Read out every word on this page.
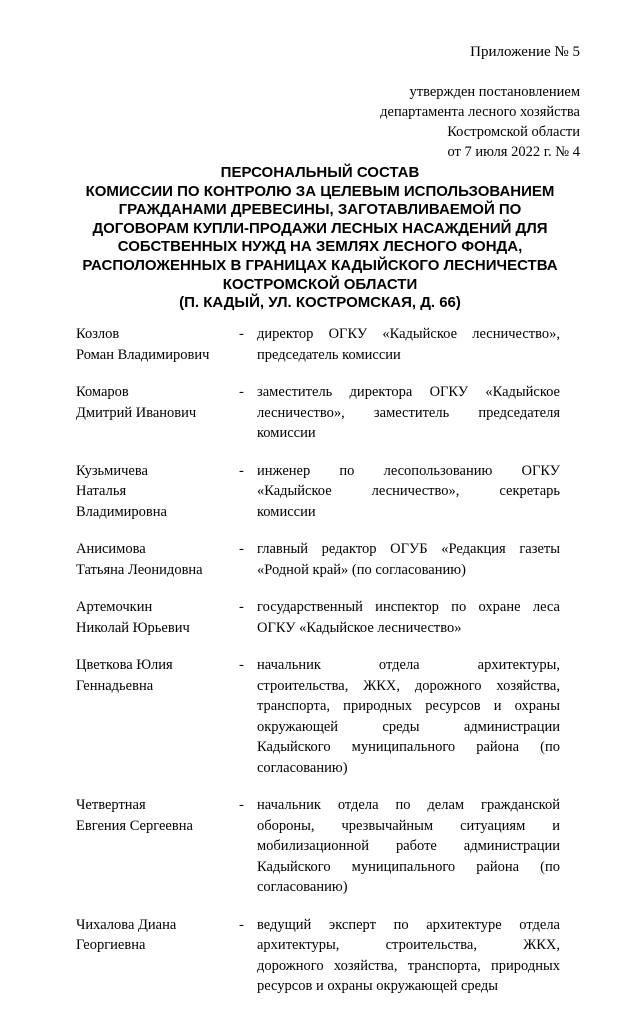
Приложение № 5
утвержден постановлением
департамента лесного хозяйства
Костромской области
от 7 июля 2022 г. № 4
ПЕРСОНАЛЬНЫЙ СОСТАВ
КОМИССИИ ПО КОНТРОЛЮ ЗА ЦЕЛЕВЫМ ИСПОЛЬЗОВАНИЕМ
ГРАЖДАНАМИ ДРЕВЕСИНЫ, ЗАГОТАВЛИВАЕМОЙ ПО
ДОГОВОРАМ КУПЛИ-ПРОДАЖИ ЛЕСНЫХ НАСАЖДЕНИЙ ДЛЯ
СОБСТВЕННЫХ НУЖД НА ЗЕМЛЯХ ЛЕСНОГО ФОНДА,
РАСПОЛОЖЕННЫХ В ГРАНИЦАХ КАДЫЙСКОГО ЛЕСНИЧЕСТВА
КОСТРОМСКОЙ ОБЛАСТИ
(П. КАДЫЙ, УЛ. КОСТРОМСКАЯ, Д. 66)
Козлов
Роман Владимирович
- директор ОГКУ «Кадыйское лесничество»,
председатель комиссии
Комаров
Дмитрий Иванович
- заместитель директора ОГКУ «Кадыйское
лесничество», заместитель председателя
комиссии
Кузьмичева
Наталья
Владимировна
- инженер по лесопользованию ОГКУ
«Кадыйское лесничество», секретарь
комиссии
Анисимова
Татьяна Леонидовна
- главный редактор ОГУБ «Редакция газеты
«Родной край» (по согласованию)
Артемочкин
Николай Юрьевич
- государственный инспектор по охране леса
ОГКУ «Кадыйское лесничество»
Цветкова Юлия
Геннадьевна
- начальник отдела архитектуры,
строительства, ЖКХ, дорожного хозяйства,
транспорта, природных ресурсов и охраны
окружающей среды администрации
Кадыйского муниципального района (по
согласованию)
Четвертная
Евгения Сергеевна
- начальник отдела по делам гражданской
обороны, чрезвычайным ситуациям и
мобилизационной работе администрации
Кадыйского муниципального района (по
согласованию)
Чихалова Диана
Георгиевна
- ведущий эксперт по архитектуре отдела
архитектуры, строительства, ЖКХ,
дорожного хозяйства, транспорта, природных
ресурсов и охраны окружающей среды
